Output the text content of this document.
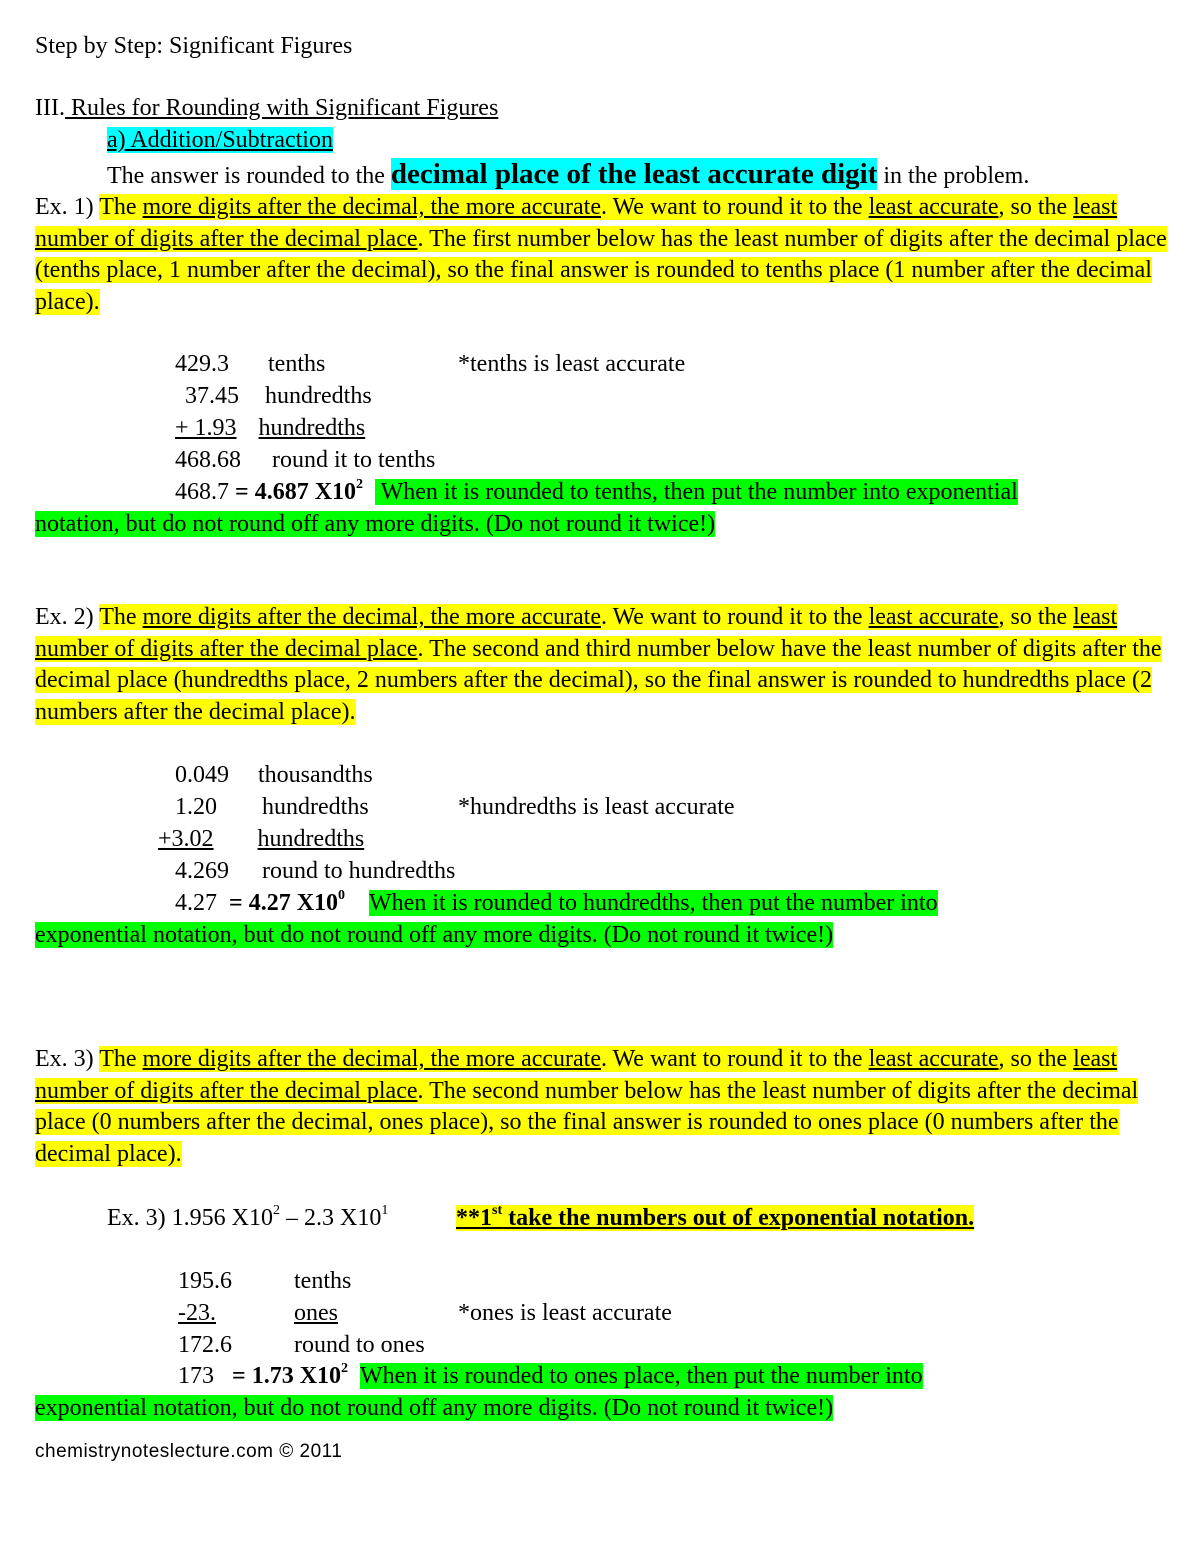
Step by Step: Significant Figures
III. Rules for Rounding with Significant Figures
a) Addition/Subtraction
The answer is rounded to the decimal place of the least accurate digit in the problem.
Ex. 1) The more digits after the decimal, the more accurate. We want to round it to the least accurate, so the least number of digits after the decimal place. The first number below has the least number of digits after the decimal place (tenths place, 1 number after the decimal), so the final answer is rounded to tenths place (1 number after the decimal place).
429.3 tenths	*tenths is least accurate
37.45 hundredths
+ 1.93 hundredths
468.68 round it to tenths
468.7 = 4.687 $X10^2$   When it is rounded to tenths, then put the number into exponential
notation, but do not round off any more digits. (Do not round it twice!)
Ex. 2) The more digits after the decimal, the more accurate. We want to round it to the least accurate, so the least number of digits after the decimal place. The second and third number below have the least number of digits after the decimal place (hundredths place, 2 numbers after the decimal), so the final answer is rounded to hundredths place (2 numbers after the decimal place).
0.049 thousandths
1.20 hundredths	*hundredths is least accurate
+3.02 hundredths
4.269 round to hundredths
4.27  = 4.27 $X10^0$ When it is rounded to hundredths, then put the number into
exponential notation, but do not round off any more digits. (Do not round it twice!)
Ex. 3) The more digits after the decimal, the more accurate. We want to round it to the least accurate, so the least number of digits after the decimal place. The second number below has the least number of digits after the decimal place (0 numbers after the decimal, ones place), so the final answer is rounded to ones place (0 numbers after the decimal place).
Ex. 3) 1.956 $X10^2 - 2.3$ $X10^1$	**1st take the numbers out of exponential notation.
195.6	tenths
-23.	ones	*ones is least accurate
172.6	round to ones
173   = 1.73 $X10^2$ When it is rounded to ones place, then put the number into
exponential notation, but do not round off any more digits. (Do not round it twice!)
chemistrynoteslecture.com © 2011
